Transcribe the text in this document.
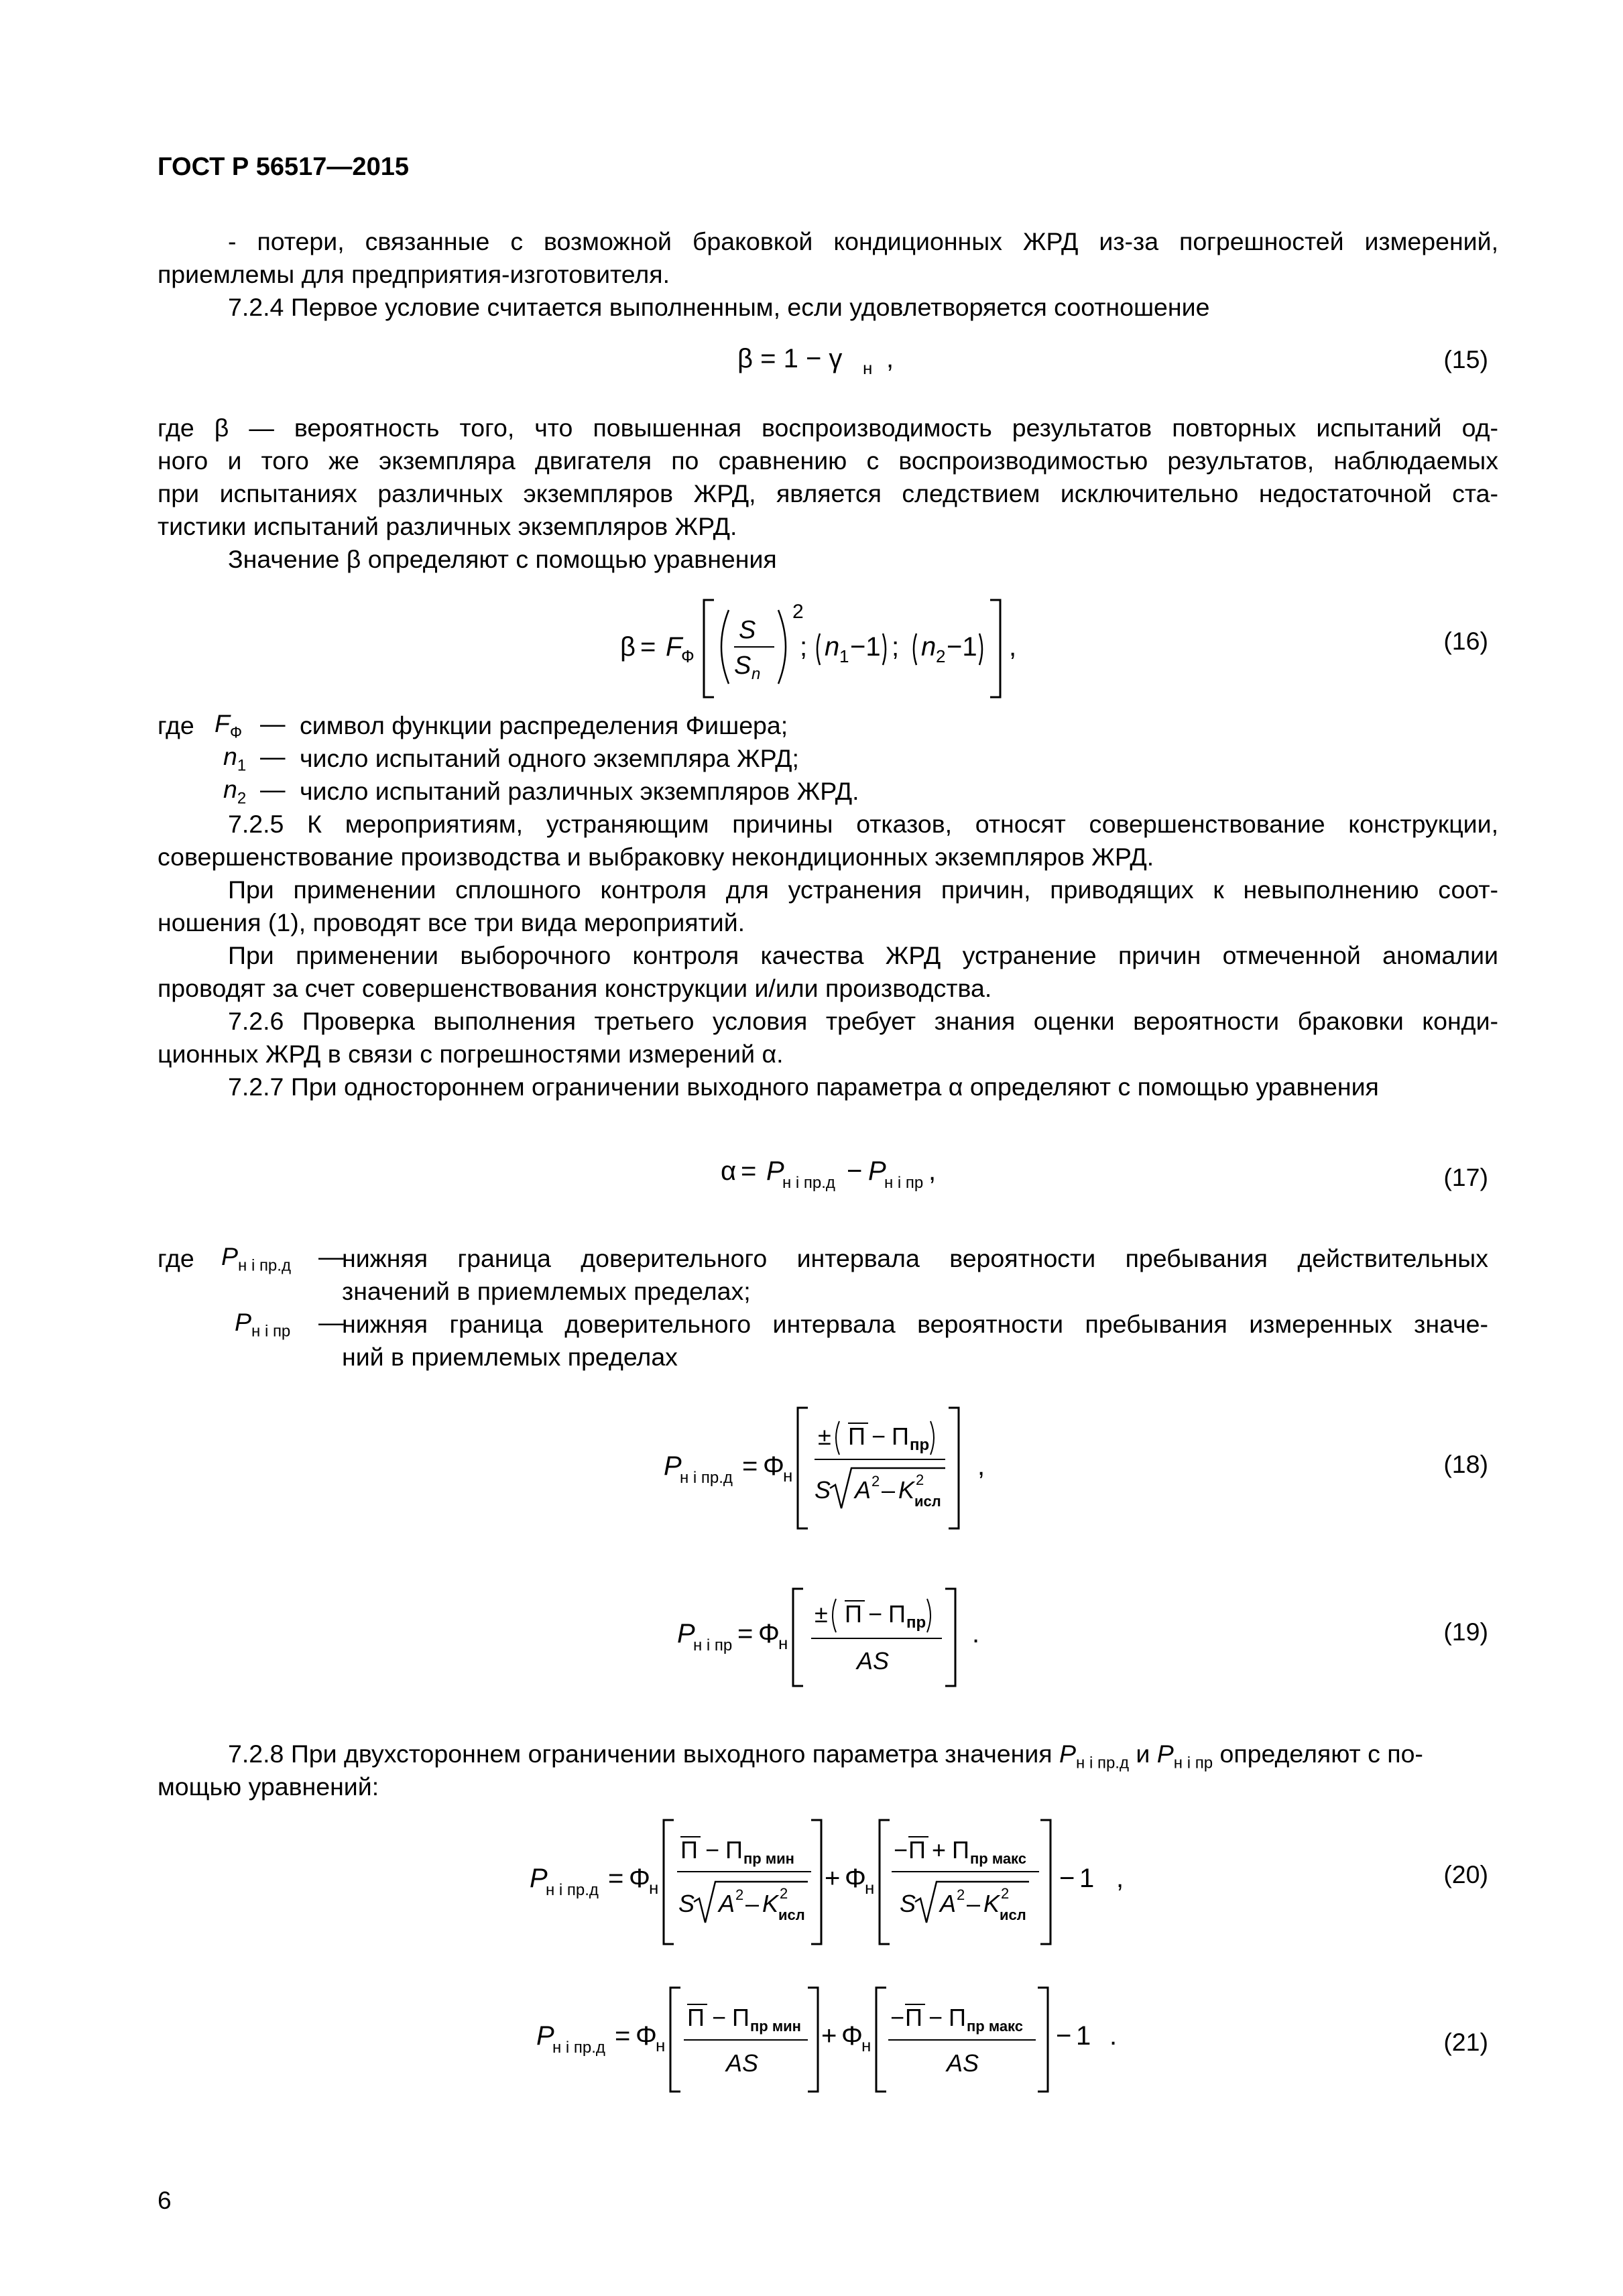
ГОСТ Р 56517—2015
- потери, связанные с возможной браковкой кондиционных ЖРД из-за погрешностей измерений,
приемлемы для предприятия-изготовителя.
7.2.4 Первое условие считается выполненным, если удовлетворяется соотношение
β = 1 − γ н ,	(15)
где β — вероятность того, что повышенная воспроизводимость результатов повторных испытаний од-
ного и того же экземпляра двигателя по сравнению с воспроизводимостью результатов, наблюдаемых
при испытаниях различных экземпляров ЖРД, является следствием исключительно недостаточной ста-
тистики испытаний различных экземпляров ЖРД.
Значение β определяют с помощью уравнения
β = F
Ф
S
S n
2
; n 1 −1 ; n 2 −1 ,	(16)
где $F_Ф$ — символ функции распределения Фишера;
$n_1$ — число испытаний одного экземпляра ЖРД;
$n_2$ — число испытаний различных экземпляров ЖРД.
7.2.5 К мероприятиям, устраняющим причины отказов, относят совершенствование конструкции,
совершенствование производства и выбраковку некондиционных экземпляров ЖРД.
При применении сплошного контроля для устранения причин, приводящих к невыполнению соот-
ношения (1), проводят все три вида мероприятий.
При применении выборочного контроля качества ЖРД устранение причин отмеченной аномалии
проводят за счет совершенствования конструкции и/или производства.
7.2.6 Проверка выполнения третьего условия требует знания оценки вероятности браковки конди-
ционных ЖРД в связи с погрешностями измерений α.
7.2.7 При одностороннем ограничении выходного параметра α определяют с помощью уравнения
α = P
н i пр.д − P
н i пр ,	(17)
где $P_{н i пр.д}$ —
нижняя граница доверительного интервала вероятности пребывания действительных
значений в приемлемых пределах;
$P_{н i пр}$ —
нижняя граница доверительного интервала вероятности пребывания измеренных значе-
ний в приемлемых пределах
P
н i пр.д = Φ
н
± Π − Π пр
S A 2 – K 2
исл
,	(18)
P
н i пр = Φ
н
± Π − Π пр
AS
.	(19)
7.2.8 При двухстороннем ограничении выходного параметра значения $P_{н i пр.д}$ и $P_{н i пр}$ определяют с по-
мощью уравнений:
P
н i пр.д = Φ
н
Π − Π пр мин
S A 2 – K 2
исл
+ Φ
н
− Π + Π пр макс
S A 2 – K 2
исл
− 1 ,	(20)
P
н i пр.д = Φ
н
Π − Π пр мин
AS
+ Φ
н
− Π − Π пр макс
AS
− 1 .	(21)
6
